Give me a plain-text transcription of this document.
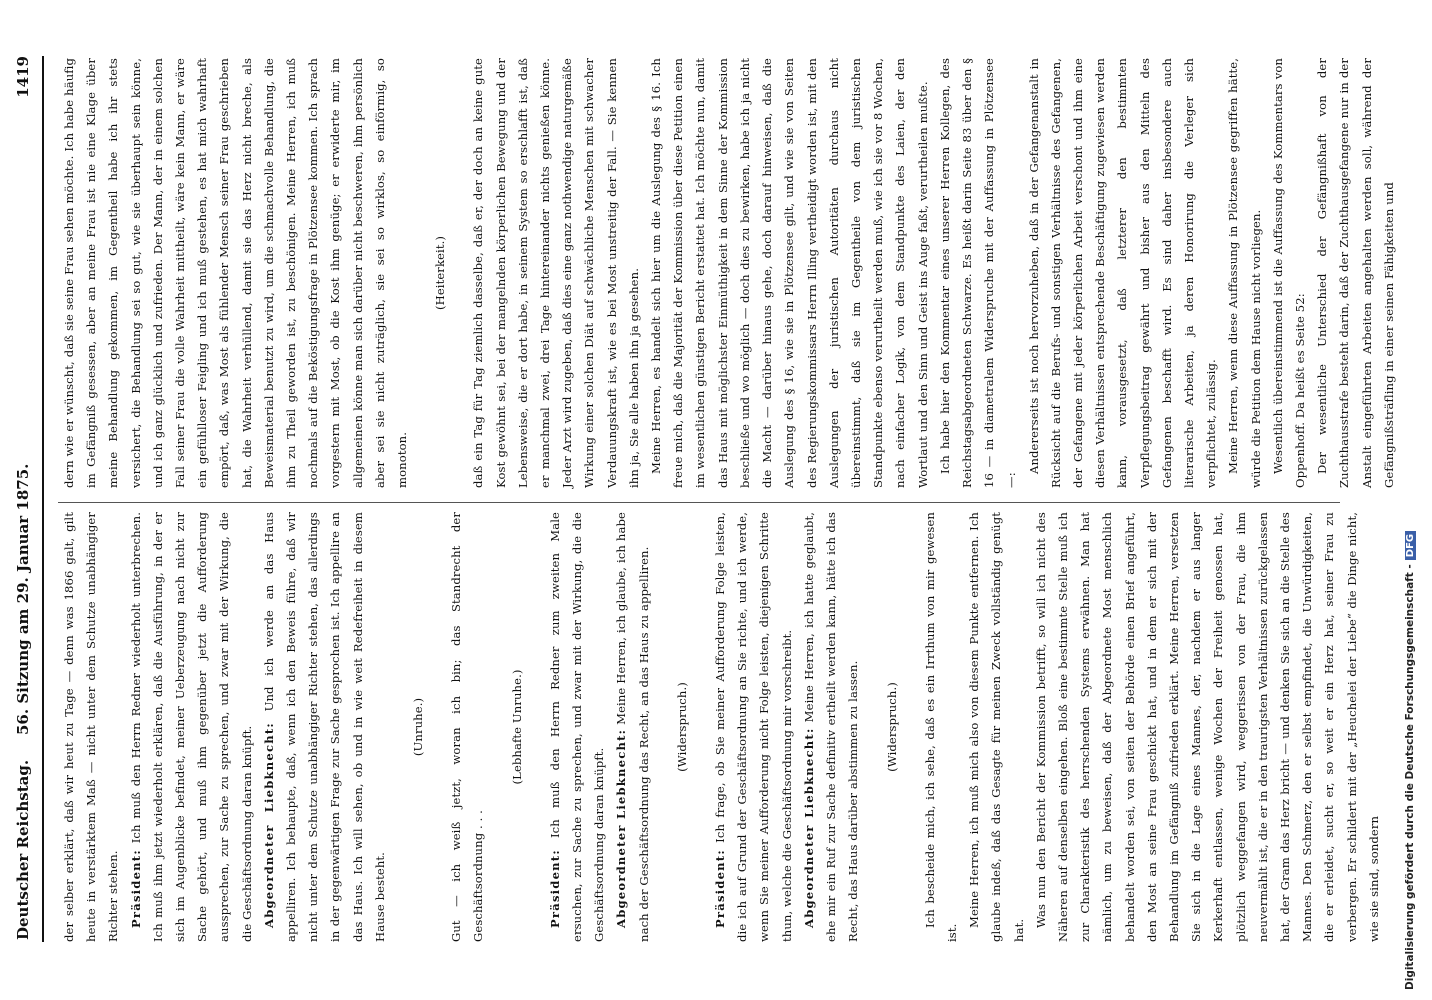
Deutscher Reichstag.
56. Sitzung am 29. Januar 1875.
1419

der selber erklärt, daß wir heut zu Tage — denn was 1866 galt, gilt heute in verstärktem Maß — nicht unter dem Schutze unabhängiger Richter stehen. Präsident: Ich muß den Herrn Redner wiederholt unterbrechen. Ich muß ihm jetzt wiederholt erklären, daß die Ausführung, in der er sich im Augenblicke befindet, meiner Ueberzeugung nach nicht zur Sache gehört, und muß ihm gegenüber jetzt die Aufforderung aussprechen, zur Sache zu sprechen, und zwar mit der Wirkung, die die Geschäftsordnung daran knüpft. Abgeordneter Liebknecht: Und ich werde an das Haus appelliren. Ich behaupte, daß, wenn ich den Beweis führe, daß wir nicht unter dem Schutze unabhängiger Richter stehen, das allerdings in der gegenwärtigen Frage zur Sache gesprochen ist. Ich appellire an das Haus. Ich will sehen, ob und in wie weit Redefreiheit in diesem Hause besteht.

(Unruhe.)	Gut — ich weiß jetzt, woran ich bin; das Standrecht der Geschäftsordnung . . .

(Lebhafte Unruhe.)

Präsident: Ich muß den Herrn Redner zum zweiten Male ersuchen, zur Sache zu sprechen, und zwar mit der Wirkung, die die Geschäftsordnung daran knüpft. Abgeordneter Liebknecht: Meine Herren, ich glaube, ich habe nach der Geschäftsordnung das Recht, an das Haus zu appelliren.	(Widerspruch.)

Präsident: Ich frage, ob Sie meiner Aufforderung Folge leisten, die ich auf Grund der Geschäftsordnung an Sie richte, und ich werde, wenn Sie meiner Aufforderung nicht Folge leisten, diejenigen Schritte thun, welche die Geschäftsordnung mir vorschreibt. Abgeordneter Liebknecht: Meine Herren, ich hatte geglaubt, ehe mir ein Ruf zur Sache definitiv ertheilt werden kann, hätte ich das Recht, das Haus darüber abstimmen zu lassen.	(Widerspruch.)	Ich bescheide mich, ich sehe, daß es ein Irrthum von mir gewesen ist.

Meine Herren, ich muß mich also von diesem Punkte entfernen. Ich glaube indeß, daß das Gesagte für meinen Zweck vollständig genügt hat.

Was nun den Bericht der Kommission betrifft, so will ich nicht des Näheren auf denselben eingehen. Bloß eine bestimmte Stelle muß ich zur Charakteristik des herrschenden Systems erwähnen. Man hat nämlich, um zu beweisen, daß der Abgeordnete Most menschlich behandelt worden sei, von seiten der Behörde einen Brief angeführt, den Most an seine Frau geschickt hat, und in dem er sich mit der Behandlung im Gefängniß zufrieden erklärt. Meine Herren, versetzen Sie sich in die Lage eines Mannes, der, nachdem er aus langer Kerkerhaft entlassen, wenige Wochen der Freiheit genossen hat, plötzlich weggefangen wird, weggerissen von der Frau, die ihm neuvermählt ist, die er in den traurigsten Verhältnissen zurückgelassen hat, der Gram das Herz bricht — und denken Sie sich an die Stelle des Mannes. Den Schmerz, den er selbst empfindet, die Unwürdigkeiten, die er erleidet, sucht er, so weit er ein Herz hat, seiner Frau zu verbergen. Er schildert mit der „Heuchelei der Liebe“ die Dinge nicht, wie sie sind, sondern

dern wie er wünscht, daß sie seine Frau sehen möchte. Ich habe häufig im Gefängniß gesessen, aber an meine Frau ist nie eine Klage über meine Behandlung gekommen, im Gegentheil habe ich ihr stets versichert, die Behandlung sei so gut, wie sie überhaupt sein könne, und ich ganz glücklich und zufrieden. Der Mann, der in einem solchen Fall seiner Frau die volle Wahrheit mittheilt, wäre kein Mann, er wäre ein gefühlloser Feigling und ich muß gestehen, es hat mich wahrhaft empört, daß, was Most als fühlender Mensch seiner Frau geschrieben hat, die Wahrheit verhüllend, damit sie das Herz nicht breche, als Beweismaterial benutzt zu wird, um die schmachvolle Behandlung, die ihm zu Theil geworden ist, zu beschönigen. Meine Herren, ich muß nochmals auf die Beköstigungsfrage in Plötzensee kommen. Ich sprach vorgestern mit Most, ob die Kost ihm genüge; er erwiderte mir, im allgemeinen könne man sich darüber nicht beschweren, ihm persönlich aber sei sie nicht zuträglich, sie sei so wirklos, so einförmig, so monoton.

(Heiterkeit.)	daß ein Tag für Tag ziemlich dasselbe, daß er, der doch an keine gute Kost gewöhnt sei, bei der mangelnden körperlichen Bewegung und der Lebensweise, die er dort habe, in seinem System so erschlafft ist, daß er manchmal zwei, drei Tage hintereinander nichts genießen könne. Jeder Arzt wird zugeben, daß dies eine ganz nothwendige naturgemäße Wirkung einer solchen Diät auf schwächliche Menschen mit schwacher Verdauungskraft ist, wie es bei Most unstreitig der Fall. — Sie kennen ihn ja, Sie alle haben ihn ja gesehen. Meine Herren, es handelt sich hier um die Auslegung des § 16. Ich freue mich, daß die Majorität der Kommission über diese Petition einen im wesentlichen günstigen Bericht erstattet hat. Ich möchte nun, damit das Haus mit möglichster Einmüthigkeit in dem Sinne der Kommission beschließe und wo möglich — doch dies zu bewirken, habe ich ja nicht die Macht — darüber hinaus gehe, doch darauf hinweisen, daß die Auslegung des § 16, wie sie in Plötzensee gilt, und wie sie von Seiten des Regierungskommissars Herrn Illing vertheidigt worden ist, mit den Auslegungen der juristischen Autoritäten durchaus nicht übereinstimmt, daß sie im Gegentheile von dem juristischen Standpunkte ebenso verurtheilt werden muß, wie ich sie vor 8 Wochen, nach einfacher Logik, von dem Standpunkte des Laien, der den Wortlaut und den Sinn und Geist ins Auge faßt, verurtheilen mußte. Ich habe hier den Kommentar eines unserer Herren Kollegen, des Reichstagsabgeordneten Schwarze. Es heißt darin Seite 83 über den § 16 — in diametralem Widerspruche mit der Auffassung in Plötzensee —:

Andererseits ist noch hervorzuheben, daß in der Gefangenanstalt in Rücksicht auf die Berufs- und sonstigen Verhältnisse des Gefangenen, der Gefangene mit jeder körperlichen Arbeit verschont und ihm eine diesen Verhältnissen entsprechende Beschäftigung zugewiesen werden kann, vorausgesetzt, daß letzterer den bestimmten Verpflegungsbeitrag gewährt und bisher aus den Mitteln des Gefangenen beschafft wird. Es sind daher insbesondere auch literarische Arbeiten, ja deren Honorirung die Verleger sich verpflichtet, zulässig. Meine Herren, wenn diese Auffassung in Plötzensee gegriffen hätte, würde die Petition dem Hause nicht vorliegen. Wesentlich übereinstimmend ist die Auffassung des Kommentars von Oppenhoff. Da heißt es Seite 52: Der wesentliche Unterschied der Gefängnißhaft von der Zuchthausstrafe besteht darin, daß der Zuchthausgefangene nur in der Anstalt eingeführten Arbeiten angehalten werden soll, während der Gefängnißsträfling in einer seinen Fähigkeiten und

Digitalisierung gefördert durch die Deutsche Forschungsgemeinschaft -DFG
